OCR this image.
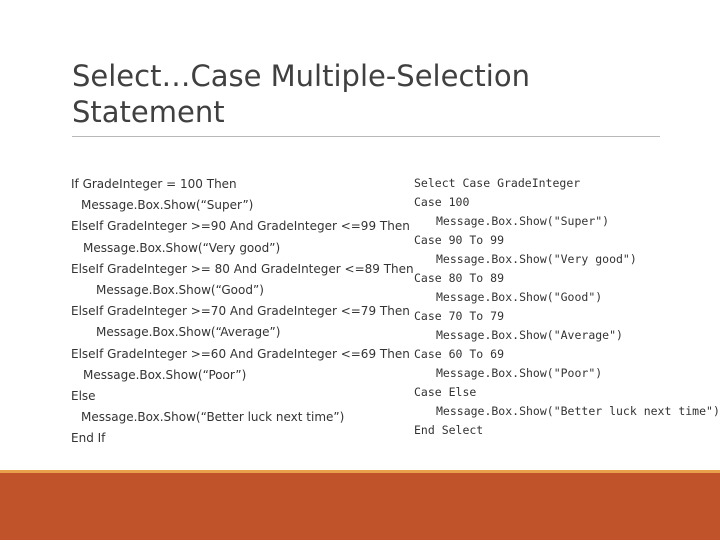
Select…Case Multiple-Selection
Statement
If GradeInteger = 100 Then
Message.Box.Show(“Super”)
ElseIf GradeInteger >=90 And GradeInteger <=99 Then
Message.Box.Show(“Very good”)
ElseIf GradeInteger >= 80 And GradeInteger <=89 Then
Message.Box.Show(“Good”)
ElseIf GradeInteger >=70 And GradeInteger <=79 Then
Message.Box.Show(“Average”)
ElseIf GradeInteger >=60 And GradeInteger <=69 Then
Message.Box.Show(“Poor”)
Else
Message.Box.Show(“Better luck next time”)
End If
Select Case GradeInteger
Case 100
Message.Box.Show("Super")
Case 90 To 99
Message.Box.Show("Very good")
Case 80 To 89
Message.Box.Show("Good")
Case 70 To 79
Message.Box.Show("Average")
Case 60 To 69
Message.Box.Show("Poor")
Case Else
Message.Box.Show("Better luck next time")
End Select
